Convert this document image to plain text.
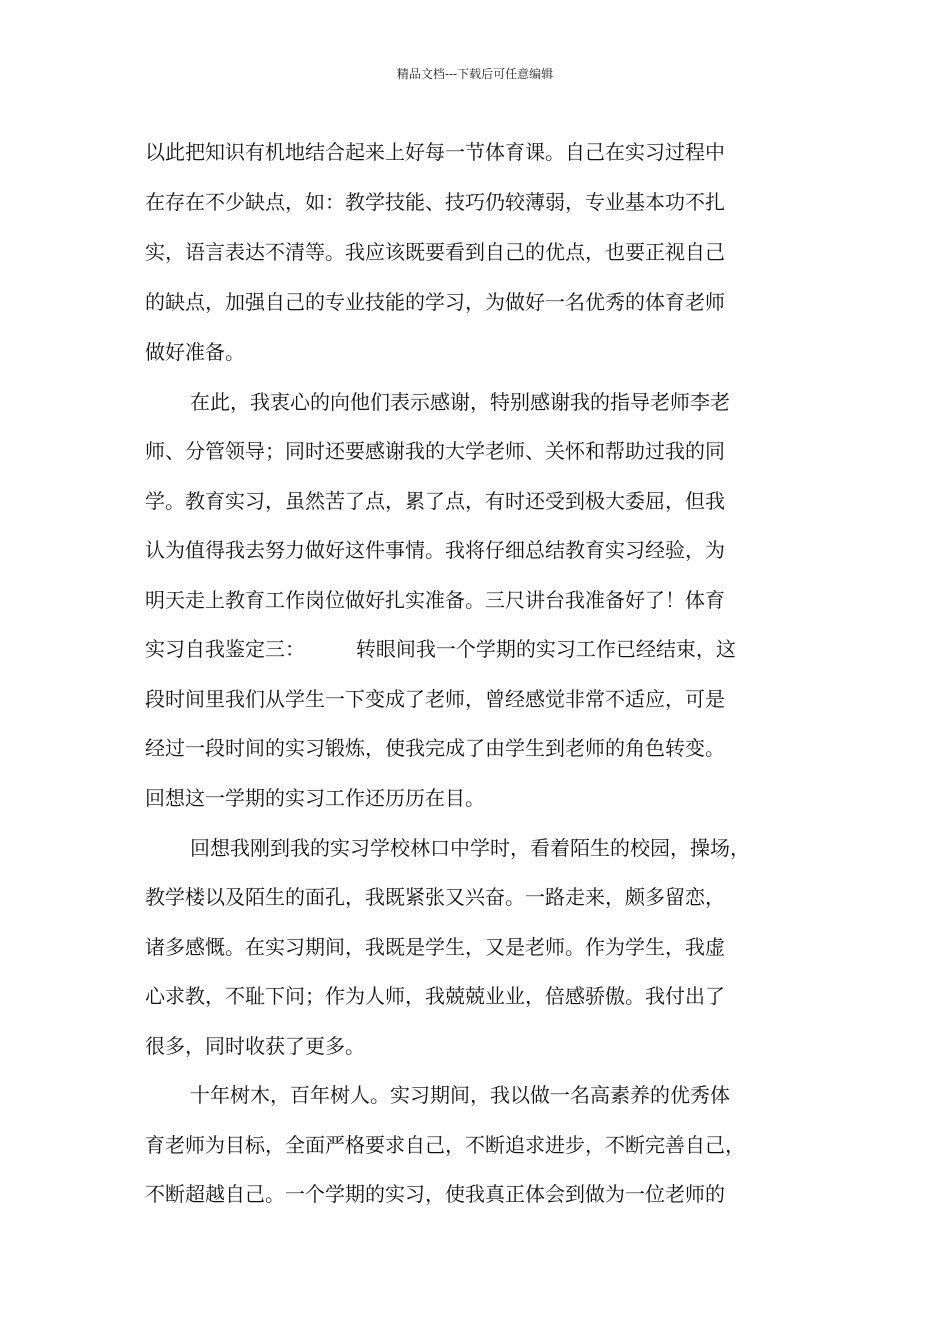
精品文档---下载后可任意编辑
以此把知识有机地结合起来上好每一节体育课。自己在实习过程中
在存在不少缺点，如：教学技能、技巧仍较薄弱，专业基本功不扎
实，语言表达不清等。我应该既要看到自己的优点，也要正视自己
的缺点，加强自己的专业技能的学习，为做好一名优秀的体育老师
做好准备。
在此，我衷心的向他们表示感谢，特别感谢我的指导老师李老
师、分管领导；同时还要感谢我的大学老师、关怀和帮助过我的同
学。教育实习，虽然苦了点，累了点，有时还受到极大委屈，但我
认为值得我去努力做好这件事情。我将仔细总结教育实习经验，为
明天走上教育工作岗位做好扎实准备。三尺讲台我准备好了！体育
实习自我鉴定三：        转眼间我一个学期的实习工作已经结束，这
段时间里我们从学生一下变成了老师，曾经感觉非常不适应，可是
经过一段时间的实习锻炼，使我完成了由学生到老师的角色转变。
回想这一学期的实习工作还历历在目。
回想我刚到我的实习学校林口中学时，看着陌生的校园，操场，
教学楼以及陌生的面孔，我既紧张又兴奋。一路走来，颇多留恋，
诸多感慨。在实习期间，我既是学生，又是老师。作为学生，我虚
心求教，不耻下问；作为人师，我兢兢业业，倍感骄傲。我付出了
很多，同时收获了更多。
十年树木，百年树人。实习期间，我以做一名高素养的优秀体
育老师为目标，全面严格要求自己，不断追求进步，不断完善自己，
不断超越自己。一个学期的实习，使我真正体会到做为一位老师的
